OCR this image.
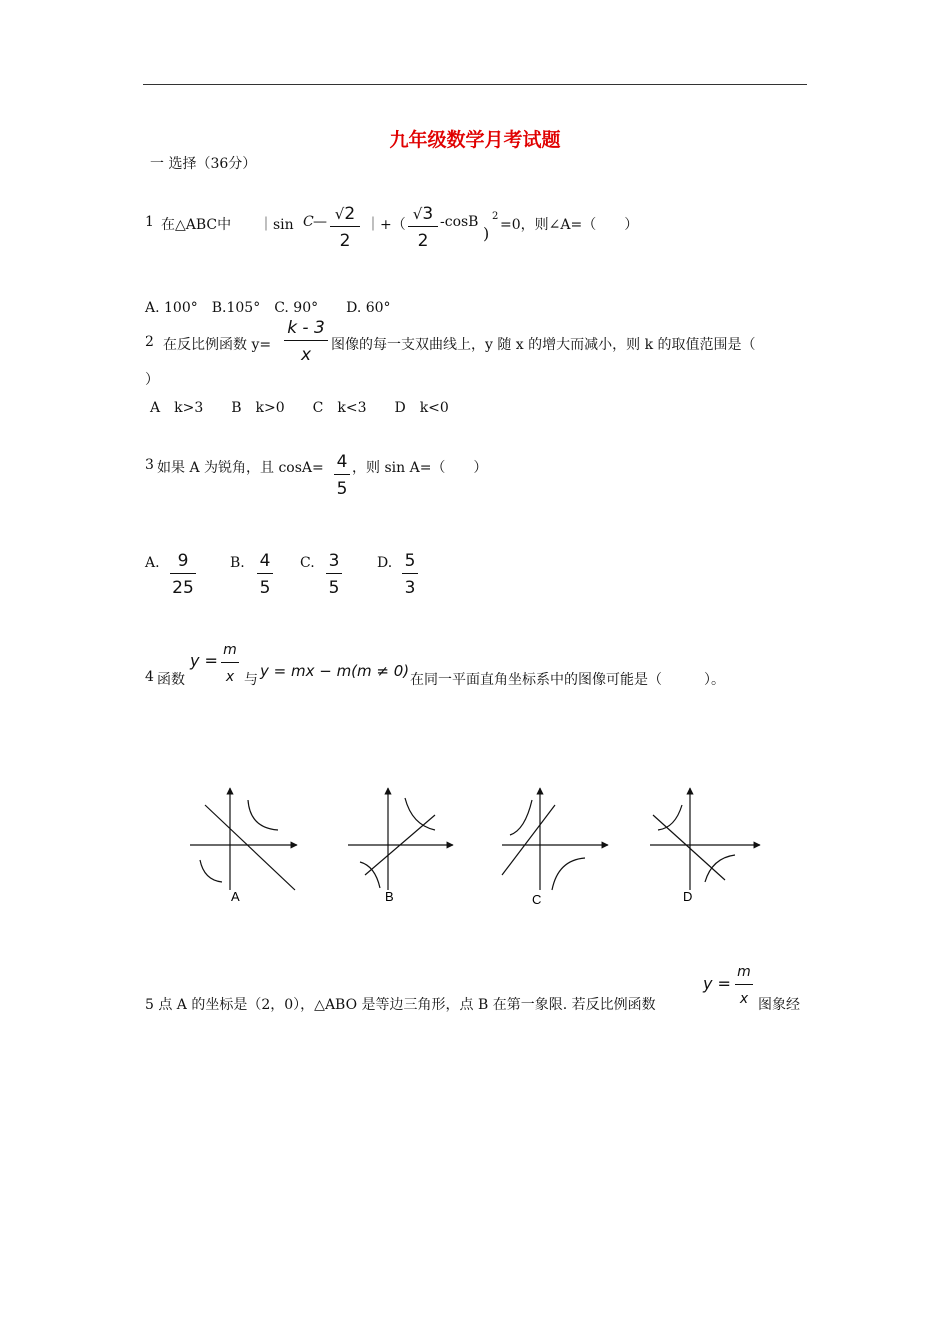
九年级数学月考试题
一 选择（36分）
1 在△ABC中 ｜sin C — √2
2
｜ +（
√3
2
-cosB
)
2
=0，则∠A=（　　）
A. 100°　B.105°　C. 90°　　D. 60°
2 在反比例函数 y=
k - 3
x	图像的每一支双曲线上，y 随 x 的增大而减小，则 k 的取值范围是（
）
A　k>3　　B　k>0　　C　k<3　　D　k<0
3 如果 A 为锐角，且 cosA= 4
5
，则 sin A=（　　）
A.	9
25
B. 4
5
C. 3
5
D. 5
3
4 函数
y =
m
x 与 y = mx − m(m ≠ 0) 在同一平面直角坐标系中的图像可能是（　　　）。
A	B	C	D
5 点 A 的坐标是（2，0），△ABO 是等边三角形，点 B 在第一象限. 若反比例函数
y =
m
x 图象经
